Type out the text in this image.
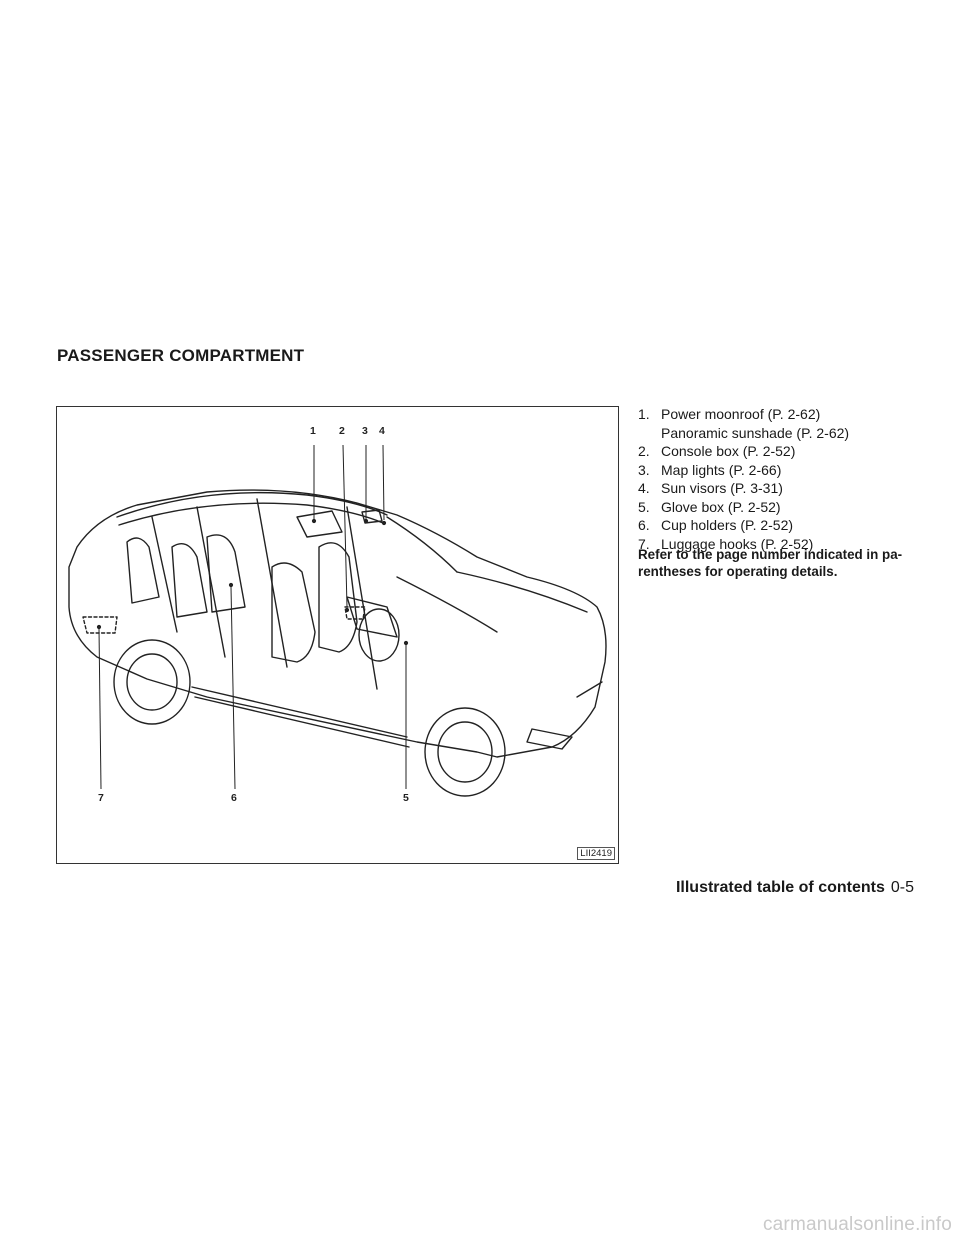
PASSENGER COMPARTMENT
1 2 3 4
5
6
7
LII2419
1. Power moonroof (P. 2-62)
Panoramic sunshade (P. 2-62)
2. Console box (P. 2-52)
3. Map lights (P. 2-66)
4. Sun visors (P. 3-31)
5. Glove box (P. 2-52)
6. Cup holders (P. 2-52)
7. Luggage hooks (P. 2-52)

Refer to the page number indicated in pa-rentheses for operating details.

Illustrated table of contents 0-5
carmanualsonline.info
